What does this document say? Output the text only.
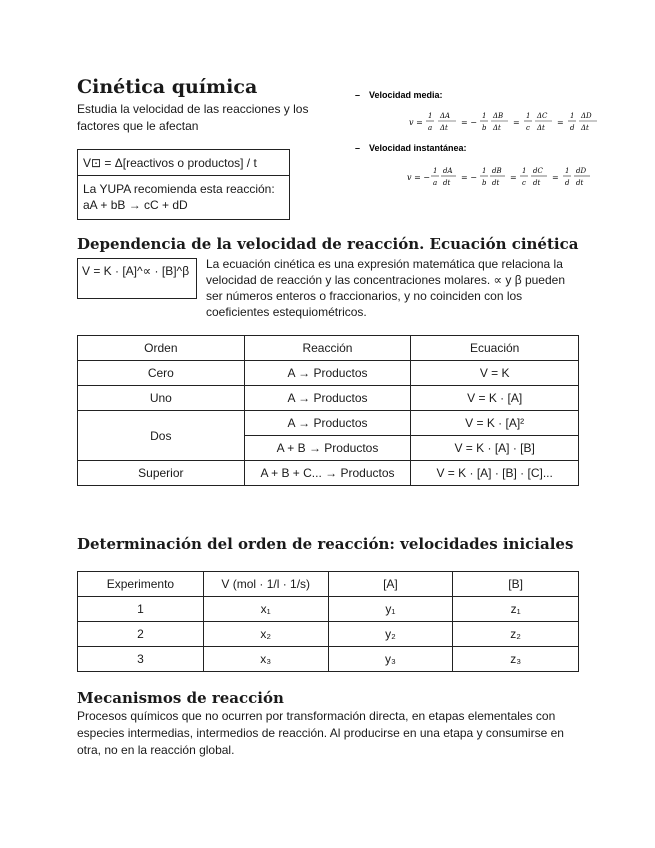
Cinética química
Estudia la velocidad de las reacciones y los factores que le afectan
V⊡ = Δ[reactivos o productos] / t
La YUPA recomienda esta reacción:
aA + bB → cC + dD
– Velocidad media:
v =
1
a
ΔA
Δt
= −
1
b
ΔB
Δt
=
1
c
ΔC
Δt
=
1
d
ΔD
Δt
– Velocidad instantánea:
v = −
1
a
dA
dt
= −
1
b
dB
dt
=
1
c
dC
dt
=
1
d
dD
dt
Dependencia de la velocidad de reacción. Ecuación cinética
V = K · [A]^∝ · [B]^β	La ecuación cinética es una expresión matemática que relaciona la velocidad de reacción y las concentraciones molares. ∝ y β pueden ser números enteros o fraccionarios, y no coinciden con los coeficientes estequiométricos.
Orden	Reacción	Ecuación
Cero	A → Productos	V = K
Uno	A → Productos	V = K · [A]
Dos	A → Productos	V = K · [A]²
	A + B → Productos	V = K · [A] · [B]
Superior	A + B + C... → Productos	V = K · [A] · [B] · [C]...
Determinación del orden de reacción: velocidades iniciales
Experimento	V (mol · 1/l · 1/s)	[A]	[B]
1	x₁	y₁	z₁
2	x₂	y₂	z₂
3	x₃	y₃	z₃
Mecanismos de reacción
Procesos químicos que no ocurren por transformación directa, en etapas elementales con especies intermedias, intermedios de reacción. Al producirse en una etapa y consumirse en otra, no en la reacción global.
